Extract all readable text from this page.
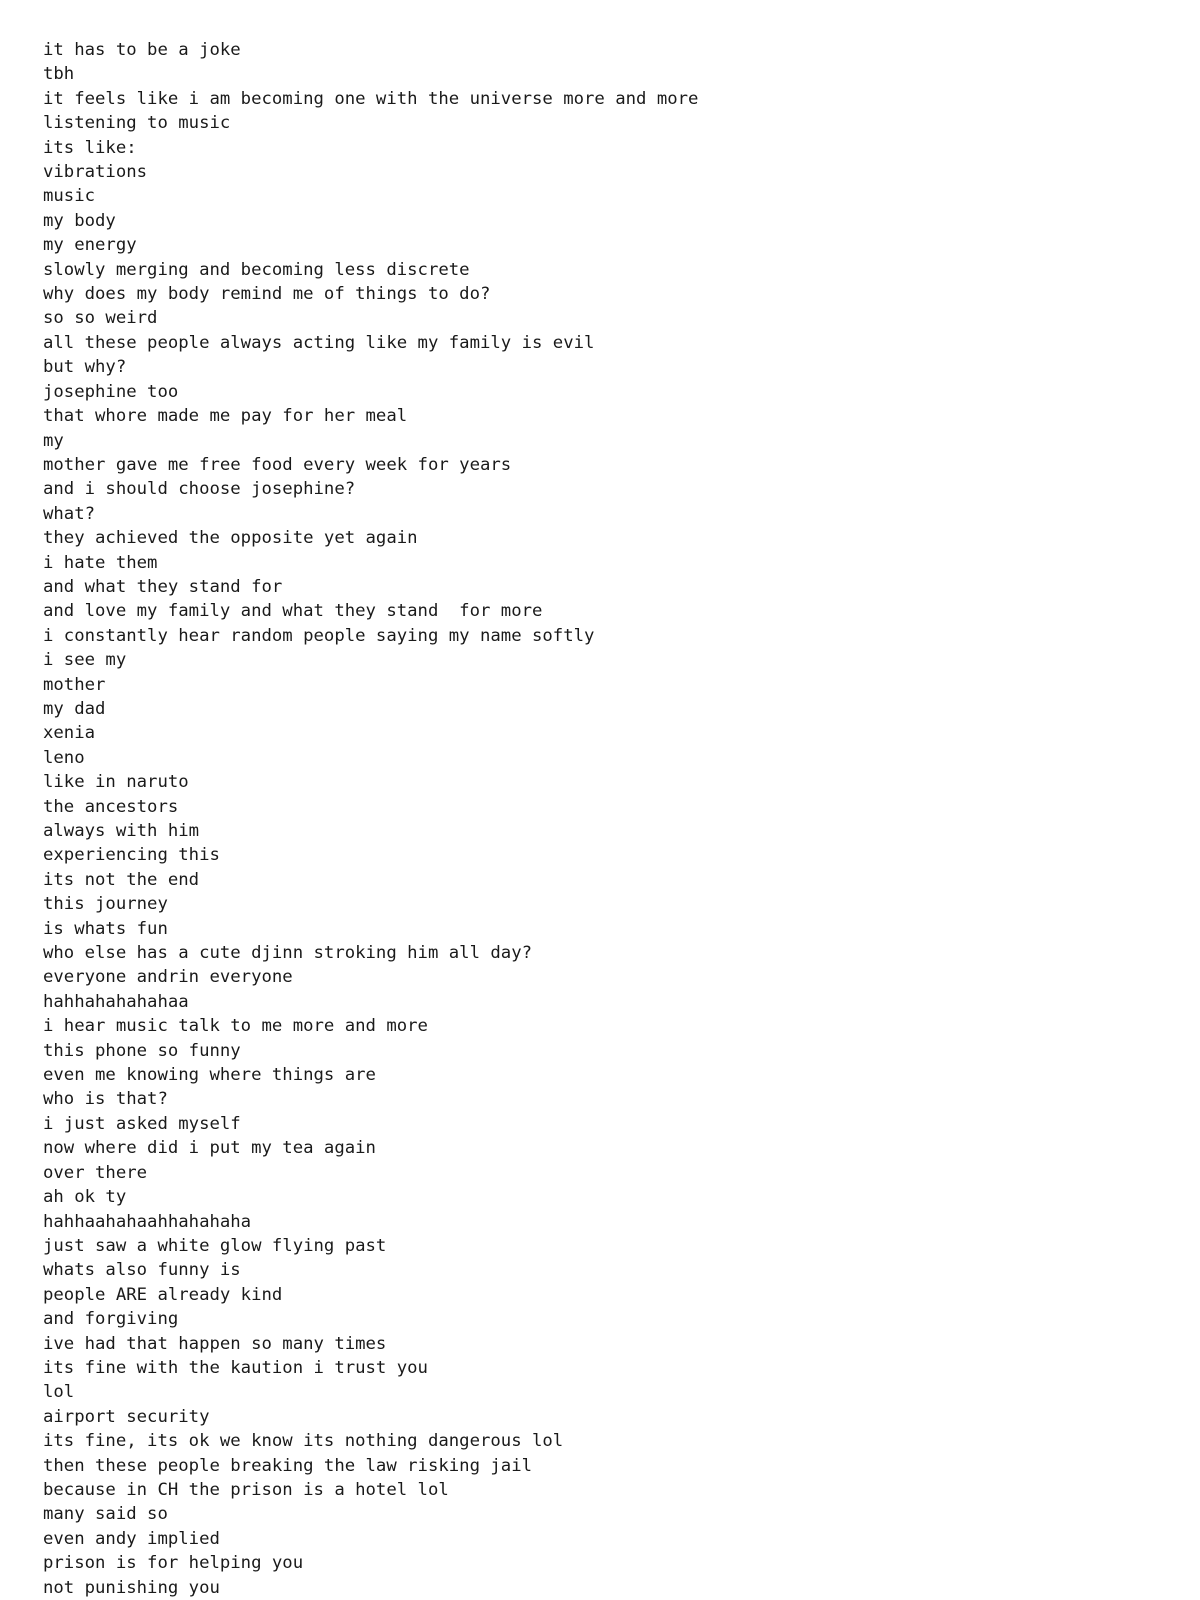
it has to be a joke
tbh
it feels like i am becoming one with the universe more and more
listening to music
its like:
vibrations
music
my body
my energy
slowly merging and becoming less discrete
why does my body remind me of things to do?
so so weird
all these people always acting like my family is evil
but why?
josephine too
that whore made me pay for her meal
my
mother gave me free food every week for years
and i should choose josephine?
what?
they achieved the opposite yet again
i hate them
and what they stand for
and love my family and what they stand  for more
i constantly hear random people saying my name softly
i see my
mother
my dad
xenia
leno
like in naruto
the ancestors
always with him
experiencing this
its not the end
this journey
is whats fun
who else has a cute djinn stroking him all day?
everyone andrin everyone
hahhahahahahaa
i hear music talk to me more and more
this phone so funny
even me knowing where things are
who is that?
i just asked myself
now where did i put my tea again
over there
ah ok ty
hahhaahahaahhahahaha
just saw a white glow flying past
whats also funny is
people ARE already kind
and forgiving
ive had that happen so many times
its fine with the kaution i trust you
lol
airport security
its fine, its ok we know its nothing dangerous lol
then these people breaking the law risking jail
because in CH the prison is a hotel lol
many said so
even andy implied
prison is for helping you
not punishing you
